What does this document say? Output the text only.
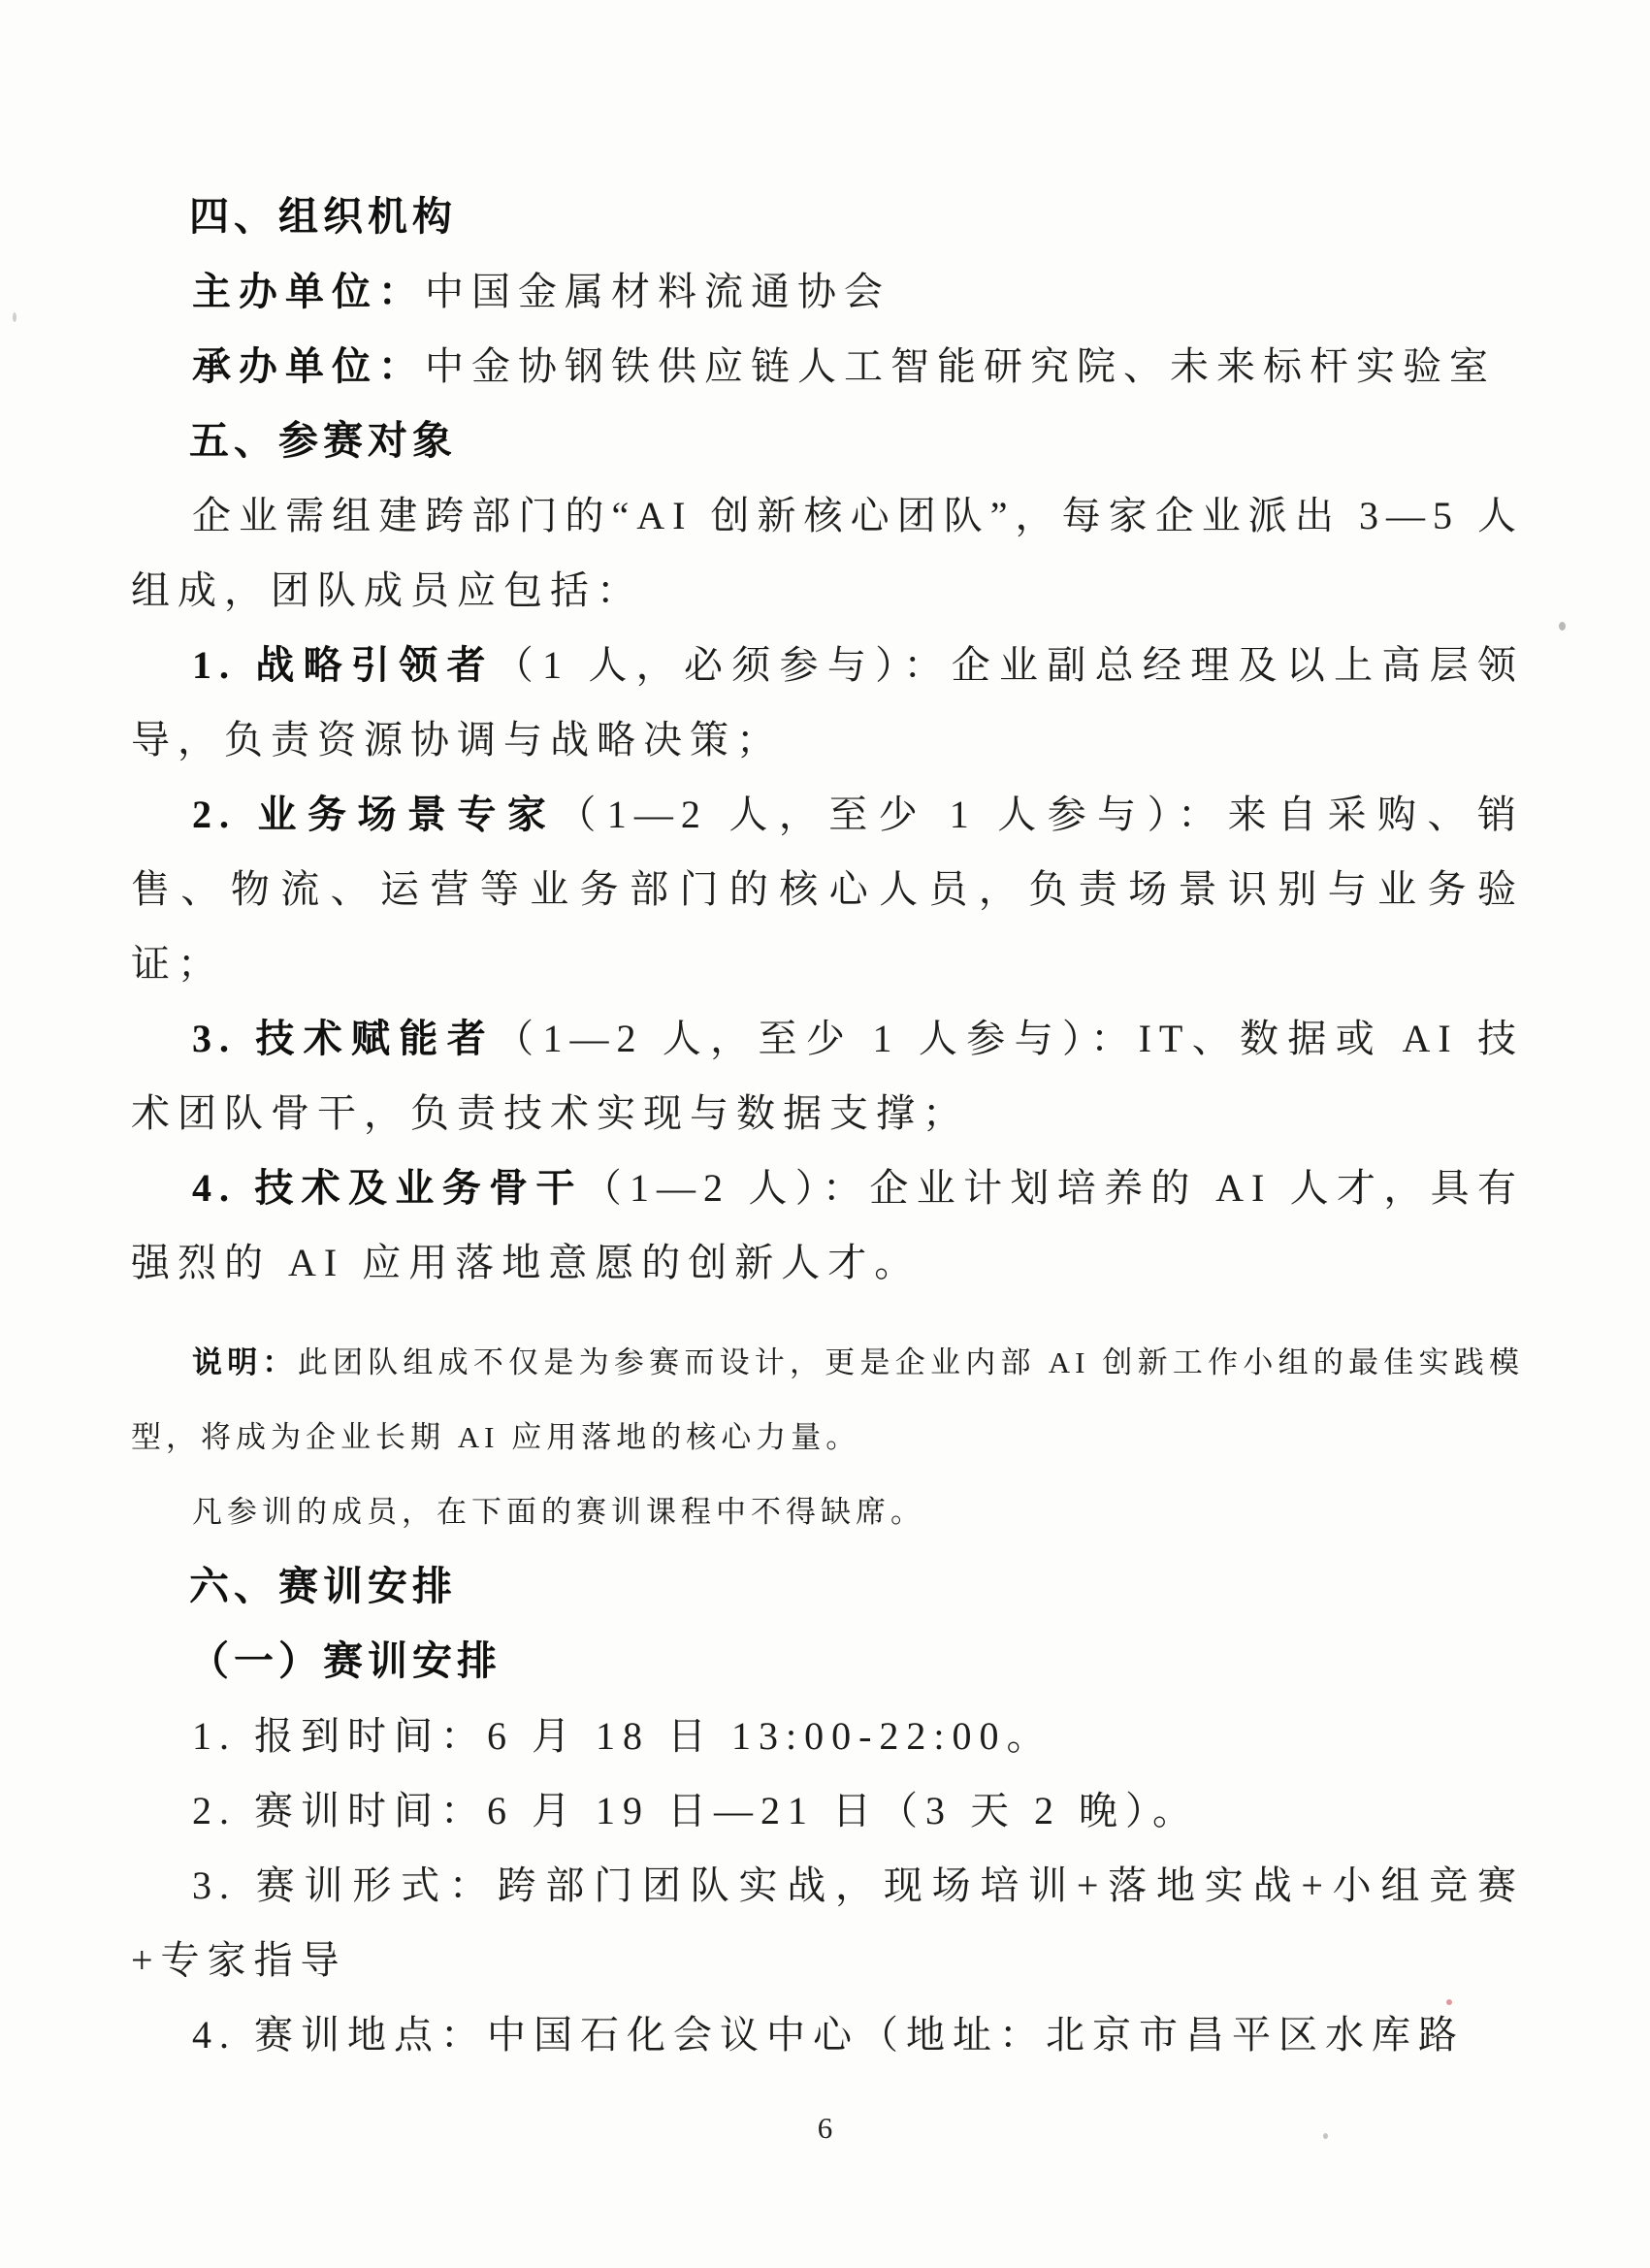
四、组织机构

主办单位：中国金属材料流通协会

承办单位：中金协钢铁供应链人工智能研究院、未来标杆实验室

五、参赛对象

企业需组建跨部门的“AI 创新核心团队”，每家企业派出 3—5 人组成，团队成员应包括：

1. 战略引领者（1 人，必须参与）：企业副总经理及以上高层领导，负责资源协调与战略决策；

2. 业务场景专家（1—2 人，至少 1 人参与）：来自采购、销售、物流、运营等业务部门的核心人员，负责场景识别与业务验证；

3. 技术赋能者（1—2 人，至少 1 人参与）：IT、数据或 AI 技术团队骨干，负责技术实现与数据支撑；

4. 技术及业务骨干（1—2 人）：企业计划培养的 AI 人才，具有强烈的 AI 应用落地意愿的创新人才。

说明：此团队组成不仅是为参赛而设计，更是企业内部 AI 创新工作小组的最佳实践模型，将成为企业长期 AI 应用落地的核心力量。

凡参训的成员，在下面的赛训课程中不得缺席。

六、赛训安排
（一）赛训安排

1. 报到时间：6 月 18 日 13:00-22:00。

2. 赛训时间：6 月 19 日—21 日（3 天 2 晚）。

3. 赛训形式：跨部门团队实战，现场培训+落地实战+小组竞赛+专家指导

4. 赛训地点：中国石化会议中心（地址：北京市昌平区水库路

6
